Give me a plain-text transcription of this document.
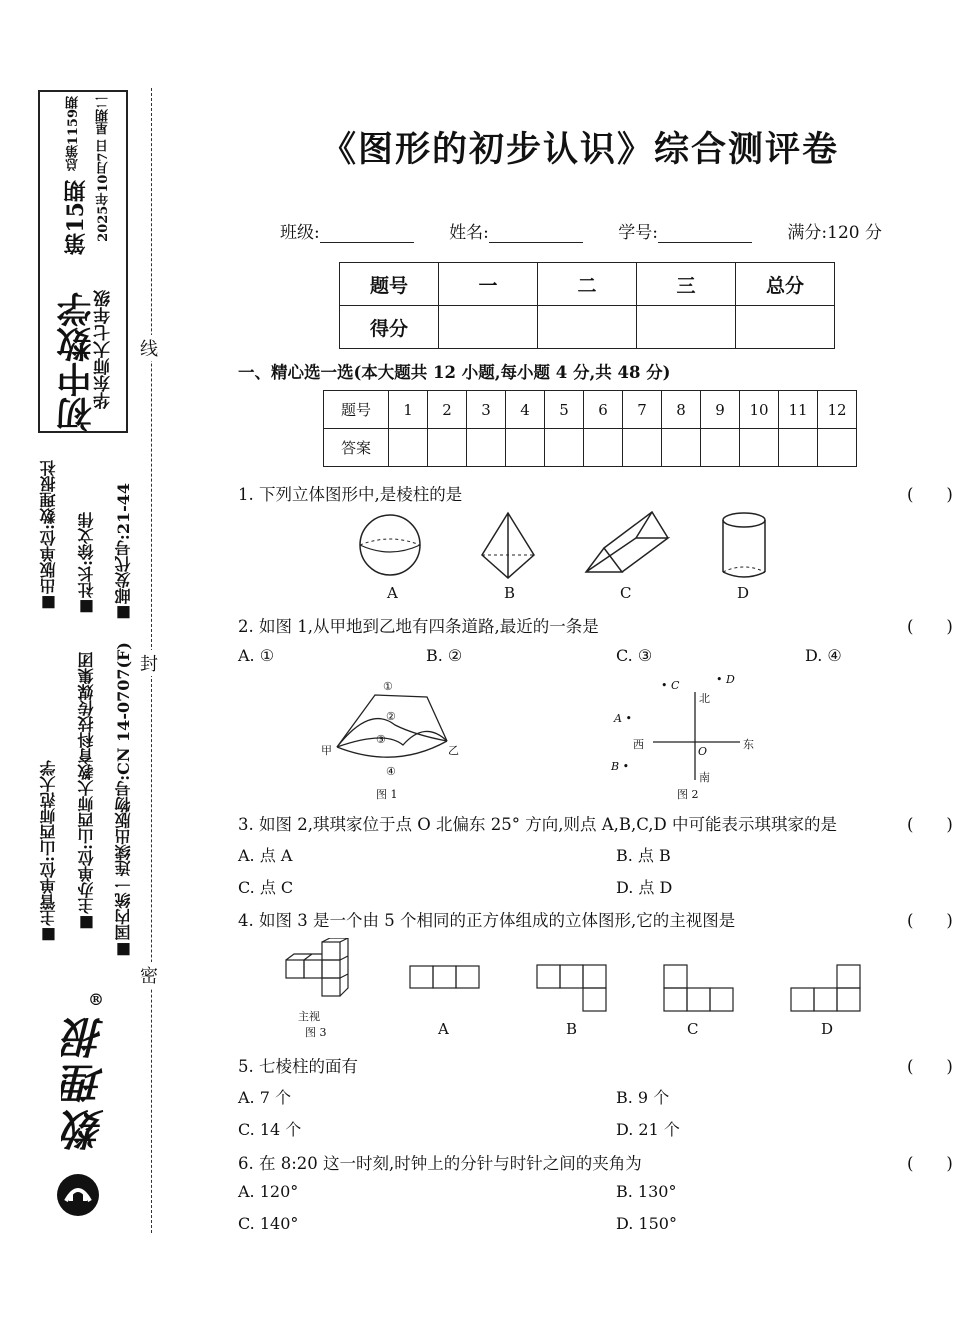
初中数学
华东师大七年级
第15期
总第1159期 2025年10月7日 星期二
■出版单位:数理报社 ■社长:徐文伟 ■邮发代号:21-44
■主管单位:山西师范大学 ■主办单位:山西师大教育科技传媒集团 ■国内统一连续出版物号:CN 14-0707(F)
®
数理报
线
封
密
《图形的初步认识》综合测评卷
班级:	姓名:	学号:	满分:120 分
题号	一	二	三	总分
得分				
一、精心选一选(本大题共 12 小题,每小题 4 分,共 48 分)
题号	1	2	3	4	5	6	7	8	9	10	11	12
答案												
1. 下列立体图形中,是棱柱的是	(　　)
A	B	C	D
2. 如图 1,从甲地到乙地有四条道路,最近的一条是	(　　)
A. ①	B. ②	C. ③	D. ④
甲	乙
①
②
③
④
图 1
北
南
东
西
O
A •
B •
• C	• D
图 2
3. 如图 2,琪琪家位于点 O 北偏东 25° 方向,则点 A,B,C,D 中可能表示琪琪家的是	(　　)
A. 点 A	B. 点 B
C. 点 C	D. 点 D
4. 如图 3 是一个由 5 个相同的正方体组成的立体图形,它的主视图是	(　　)
主视
图 3	A	B	C	D
5. 七棱柱的面有	(　　)
A. 7 个	B. 9 个
C. 14 个	D. 21 个
6. 在 8:20 这一时刻,时钟上的分针与时针之间的夹角为	(　　)
A. 120°	B. 130°
C. 140°	D. 150°
